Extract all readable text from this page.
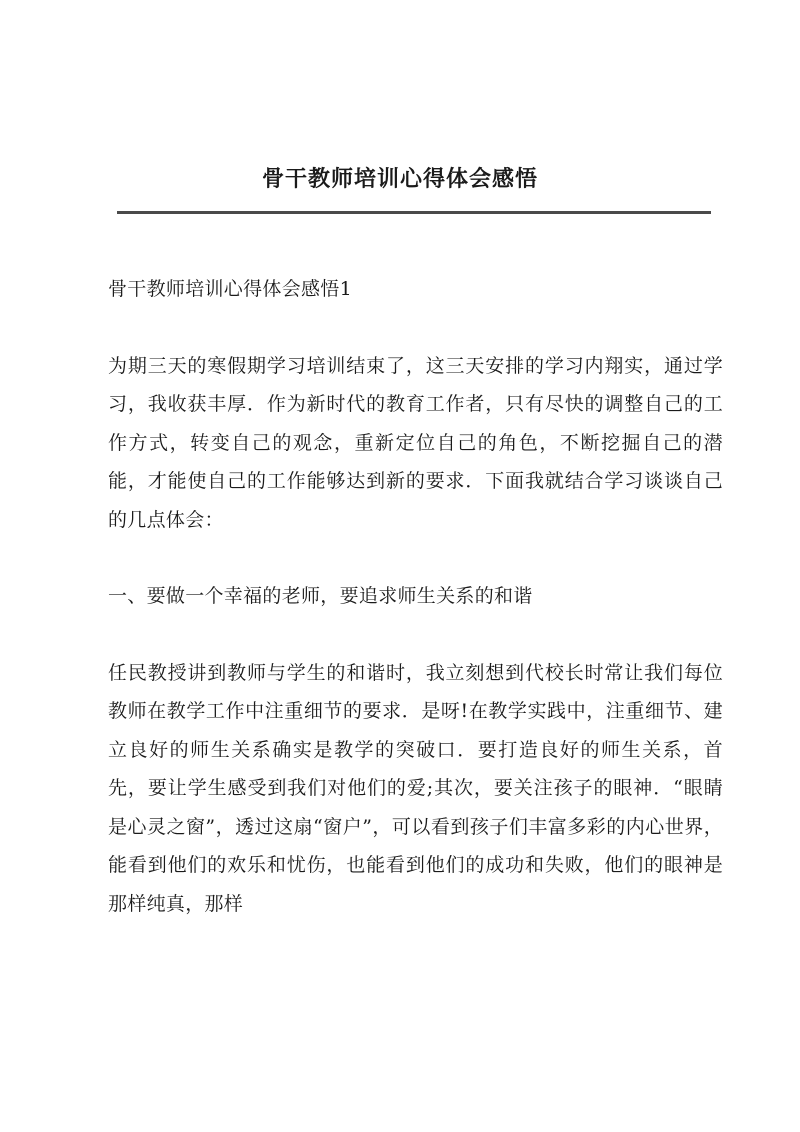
骨干教师培训心得体会感悟

骨干教师培训心得体会感悟1

为期三天的寒假期学习培训结束了，这三天安排的学习内翔实，通过学习，我收获丰厚．作为新时代的教育工作者，只有尽快的调整自己的工作方式，转变自己的观念，重新定位自己的角色，不断挖掘自己的潜能，才能使自己的工作能够达到新的要求．下面我就结合学习谈谈自己的几点体会：

一、要做一个幸福的老师，要追求师生关系的和谐

任民教授讲到教师与学生的和谐时，我立刻想到代校长时常让我们每位教师在教学工作中注重细节的要求．是呀!在教学实践中，注重细节、建立良好的师生关系确实是教学的突破口．要打造良好的师生关系，首先，要让学生感受到我们对他们的爱;其次，要关注孩子的眼神．“眼睛是心灵之窗”，透过这扇“窗户”，可以看到孩子们丰富多彩的内心世界，能看到他们的欢乐和忧伤，也能看到他们的成功和失败，他们的眼神是那样纯真，那样
